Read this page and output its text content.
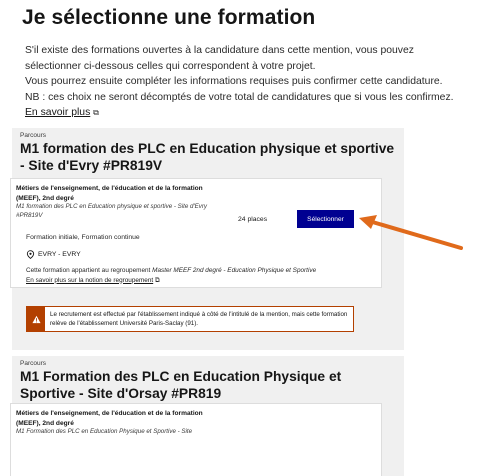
Je sélectionne une formation
S'il existe des formations ouvertes à la candidature dans cette mention, vous pouvez
sélectionner ci-dessous celles qui correspondent à votre projet.
Vous pourrez ensuite compléter les informations requises puis confirmer cette candidature.
NB : ces choix ne seront décomptés de votre total de candidatures que si vous les confirmez.
En savoir plus ⧉
Parcours
M1 formation des PLC en Education physique et sportive - Site d'Evry #PR819V
Métiers de l'enseignement, de l'éducation et de la formation (MEEF), 2nd degré
M1 formation des PLC en Education physique et sportive - Site d'Evry #PR819V
24 places	Sélectionner
Formation initiale, Formation continue
EVRY - EVRY
Cette formation appartient au regroupement Master MEEF 2nd degré - Education Physique et Sportive
En savoir plus sur la notion de regroupement ⧉
Le recrutement est effectué par l'établissement indiqué à côté de l'intitulé de la mention, mais cette formation relève de l'établissement Université Paris-Saclay (91).
Parcours
M1 Formation des PLC en Education Physique et Sportive - Site d'Orsay #PR819
Métiers de l'enseignement, de l'éducation et de la formation (MEEF), 2nd degré
M1 Formation des PLC en Education Physique et Sportive - Site
